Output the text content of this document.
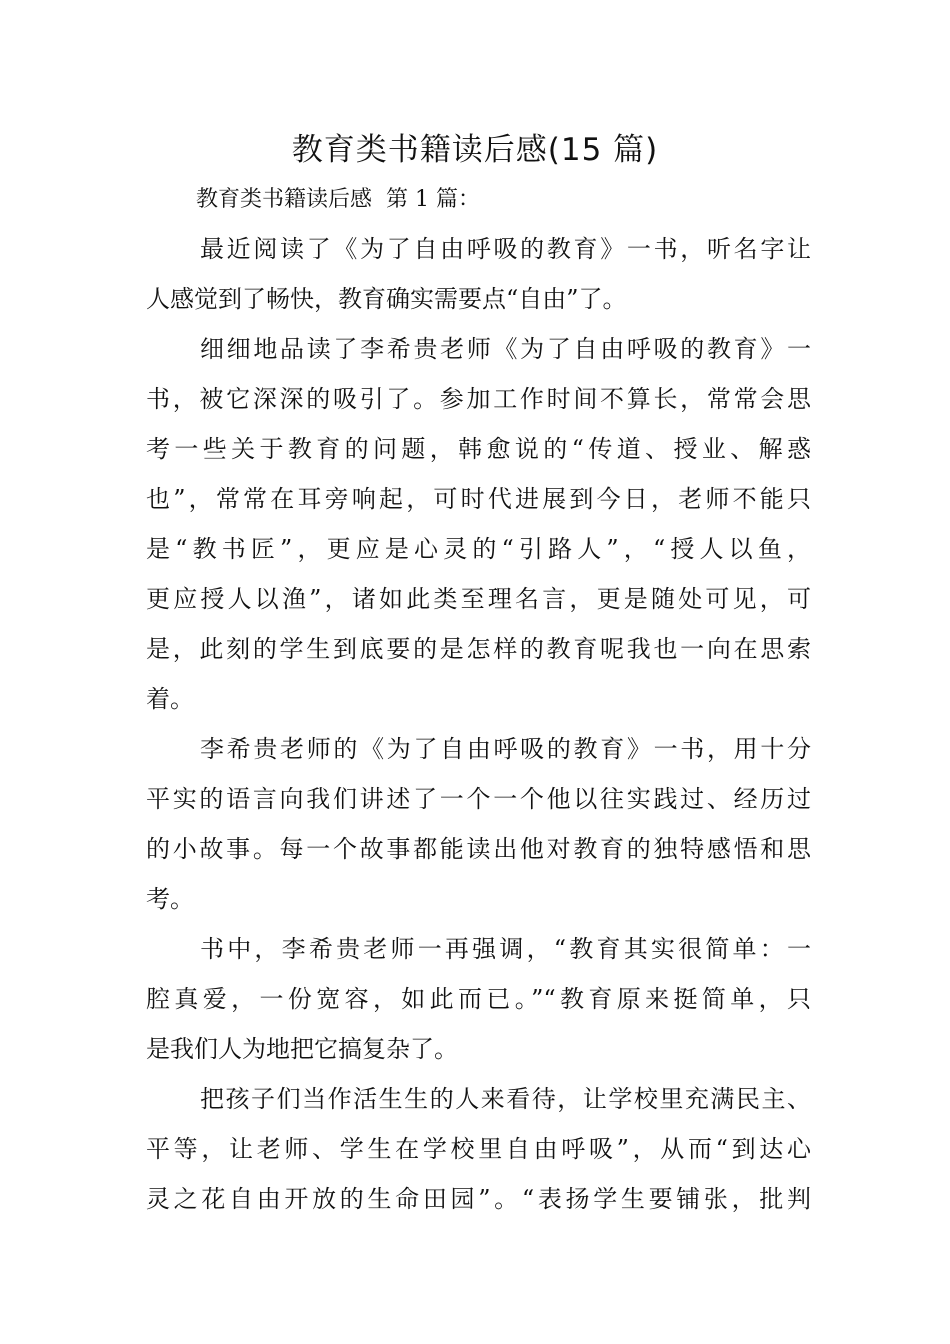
教育类书籍读后感(15 篇)
教育类书籍读后感  第 1 篇：
最近阅读了《为了自由呼吸的教育》一书，听名字让
人感觉到了畅快，教育确实需要点“自由”了。
细细地品读了李希贵老师《为了自由呼吸的教育》一
书，被它深深的吸引了。参加工作时间不算长，常常会思
考一些关于教育的问题，韩愈说的“传道、授业、解惑
也”，常常在耳旁响起，可时代进展到今日，老师不能只
是“教书匠”，更应是心灵的“引路人”，“授人以鱼，
更应授人以渔”，诸如此类至理名言，更是随处可见，可
是，此刻的学生到底要的是怎样的教育呢我也一向在思索
着。
李希贵老师的《为了自由呼吸的教育》一书，用十分
平实的语言向我们讲述了一个一个他以往实践过、经历过
的小故事。每一个故事都能读出他对教育的独特感悟和思
考。
书中，李希贵老师一再强调，“教育其实很简单：一
腔真爱，一份宽容，如此而已。”“教育原来挺简单，只
是我们人为地把它搞复杂了。
把孩子们当作活生生的人来看待，让学校里充满民主、
平等，让老师、学生在学校里自由呼吸”，从而“到达心
灵之花自由开放的生命田园”。“表扬学生要铺张，批判
